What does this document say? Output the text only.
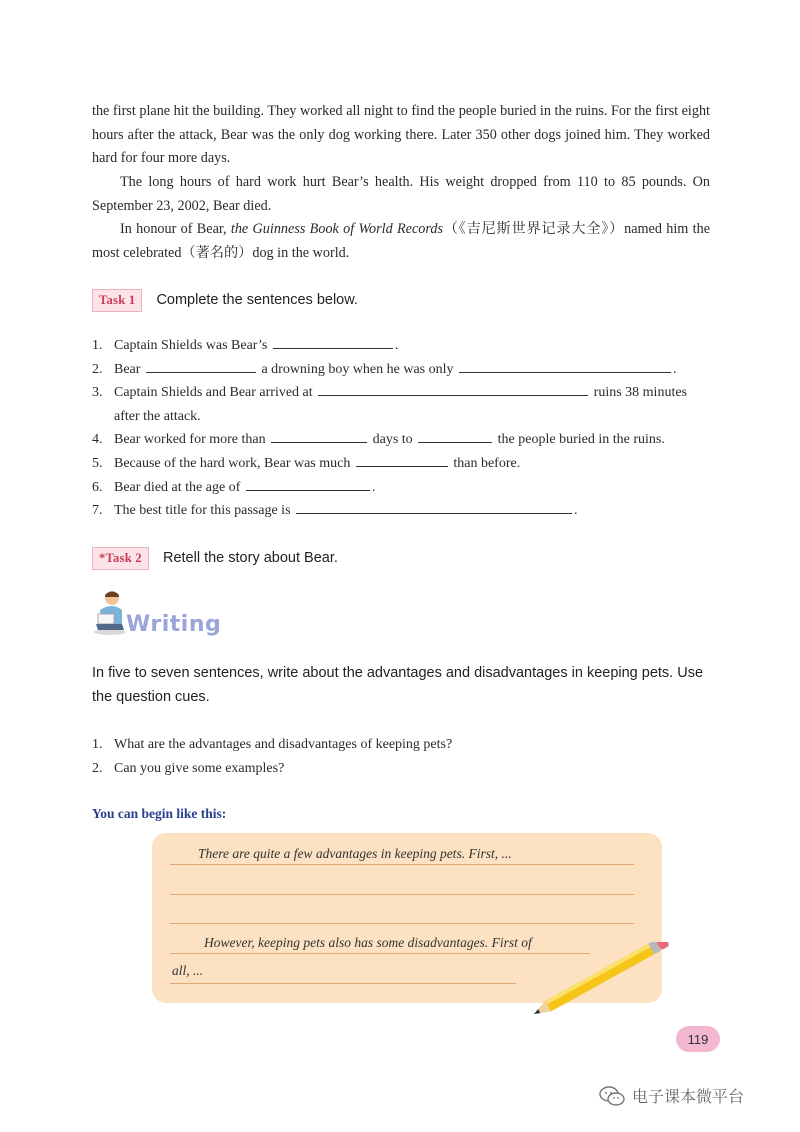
the first plane hit the building. They worked all night to find the people buried in the ruins. For the first eight hours after the attack, Bear was the only dog working there. Later 350 other dogs joined him. They worked hard for four more days.

The long hours of hard work hurt Bear’s health. His weight dropped from 110 to 85 pounds. On September 23, 2002, Bear died.

In honour of Bear, the Guinness Book of World Records（《吉尼斯世界记录大全》）named him the most celebrated（著名的）dog in the world.

Task 1	Complete the sentences below.
1. Captain Shields was Bear’s	.
2. Bear	a drowning boy when he was only	.
3. Captain Shields and Bear arrived at	ruins 38 minutes
after the attack.
4. Bear worked for more than	days to	the people buried in the ruins.
5. Because of the hard work, Bear was much	than before.
6. Bear died at the age of	.
7. The best title for this passage is	.
*Task 2	Retell the story about Bear.
Writing

In five to seven sentences, write about the advantages and disadvantages in keeping pets. Use the question cues.

1. What are the advantages and disadvantages of keeping pets?
2. Can you give some examples?
You can begin like this:
There are quite a few advantages in keeping pets. First, ...
However, keeping pets also has some disadvantages. First of
all, ...
119
电子课本微平台
